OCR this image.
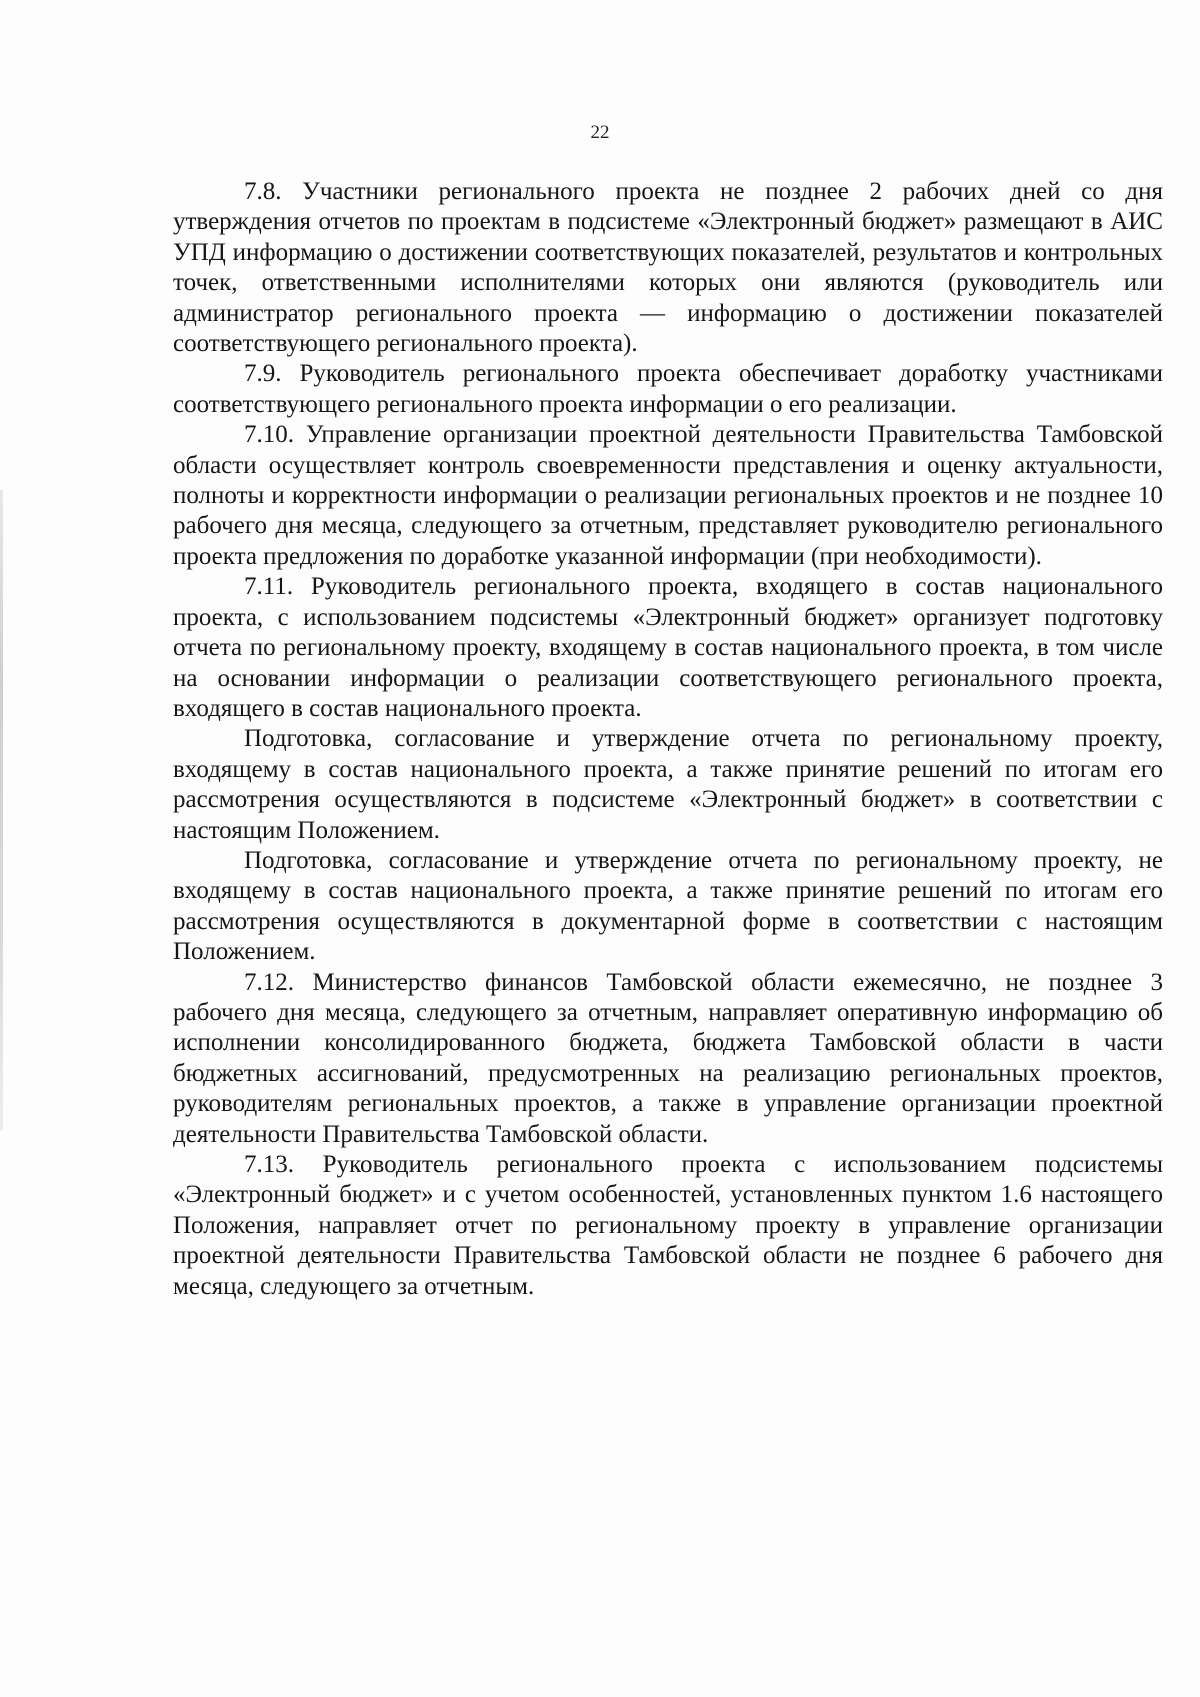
22

7.8. Участники регионального проекта не позднее 2 рабочих дней со дня утверждения отчетов по проектам в подсистеме «Электронный бюджет» размещают в АИС УПД информацию о достижении соответствующих показателей, результатов и контрольных точек, ответственными исполнителями которых они являются (руководитель или администратор регионального проекта — информацию о достижении показателей соответствующего регионального проекта).

7.9. Руководитель регионального проекта обеспечивает доработку участниками соответствующего регионального проекта информации о его реализации.

7.10. Управление организации проектной деятельности Правительства Тамбовской области осуществляет контроль своевременности представления и оценку актуальности, полноты и корректности информации о реализации региональных проектов и не позднее 10 рабочего дня месяца, следующего за отчетным, представляет руководителю регионального проекта предложения по доработке указанной информации (при необходимости).

7.11. Руководитель регионального проекта, входящего в состав национального проекта, с использованием подсистемы «Электронный бюджет» организует подготовку отчета по региональному проекту, входящему в состав национального проекта, в том числе на основании информации о реализации соответствующего регионального проекта, входящего в состав национального проекта.

Подготовка, согласование и утверждение отчета по региональному проекту, входящему в состав национального проекта, а также принятие решений по итогам его рассмотрения осуществляются в подсистеме «Электронный бюджет» в соответствии с настоящим Положением.

Подготовка, согласование и утверждение отчета по региональному проекту, не входящему в состав национального проекта, а также принятие решений по итогам его рассмотрения осуществляются в документарной форме в соответствии с настоящим Положением.

7.12. Министерство финансов Тамбовской области ежемесячно, не позднее 3 рабочего дня месяца, следующего за отчетным, направляет оперативную информацию об исполнении консолидированного бюджета, бюджета Тамбовской области в части бюджетных ассигнований, предусмотренных на реализацию региональных проектов, руководителям региональных проектов, а также в управление организации проектной деятельности Правительства Тамбовской области.

7.13. Руководитель регионального проекта с использованием подсистемы «Электронный бюджет» и с учетом особенностей, установленных пунктом 1.6 настоящего Положения, направляет отчет по региональному проекту в управление организации проектной деятельности Правительства Тамбовской области не позднее 6 рабочего дня месяца, следующего за отчетным.
